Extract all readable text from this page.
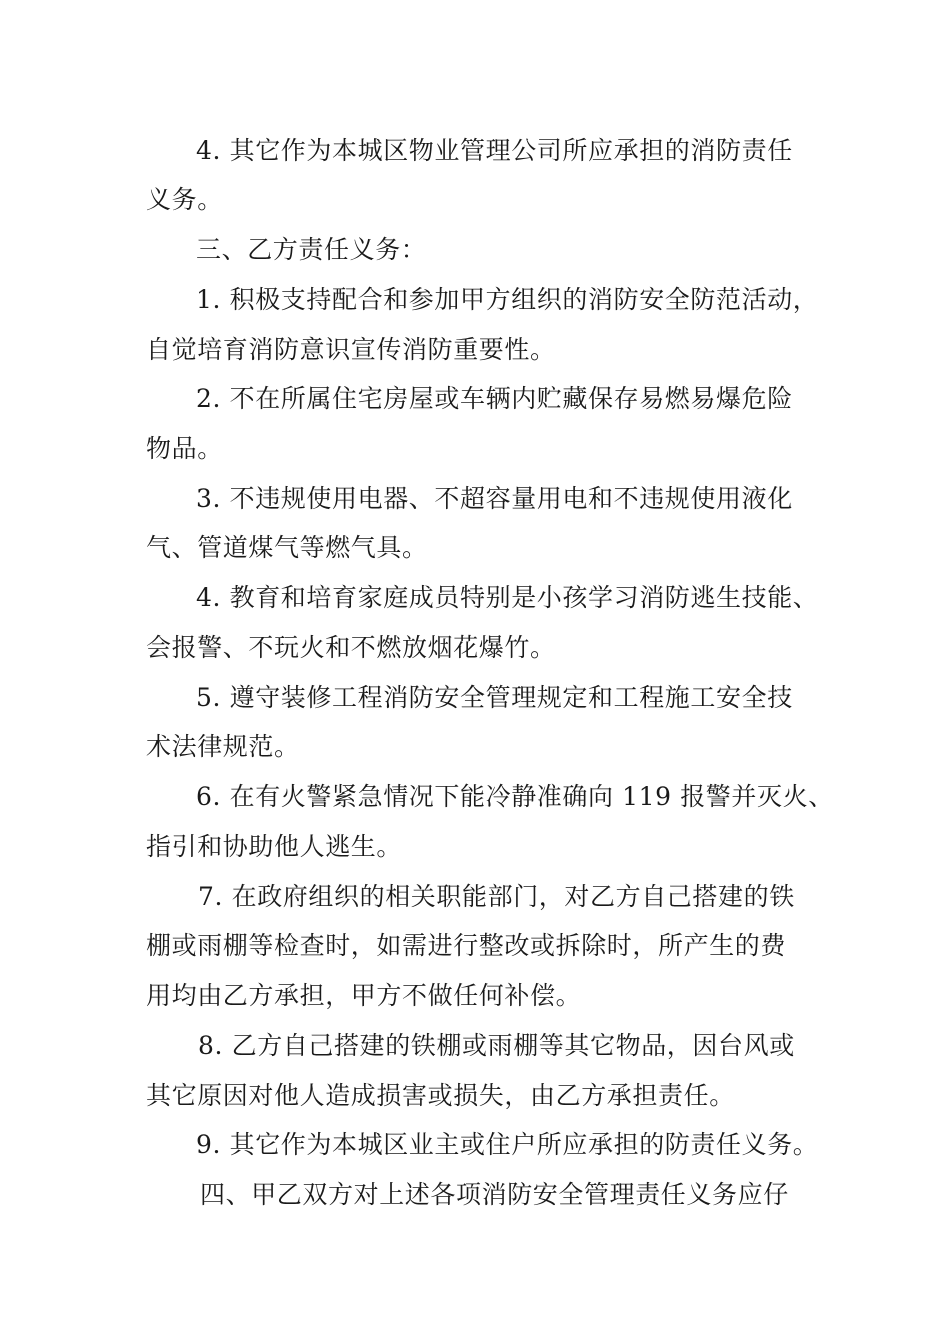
4. 其它作为本城区物业管理公司所应承担的消防责任
义务。
三、乙方责任义务：
1. 积极支持配合和参加甲方组织的消防安全防范活动，
自觉培育消防意识宣传消防重要性。
2. 不在所属住宅房屋或车辆内贮藏保存易燃易爆危险
物品。
3. 不违规使用电器、不超容量用电和不违规使用液化
气、管道煤气等燃气具。
4. 教育和培育家庭成员特别是小孩学习消防逃生技能、
会报警、不玩火和不燃放烟花爆竹。
5. 遵守装修工程消防安全管理规定和工程施工安全技
术法律规范。
6. 在有火警紧急情况下能冷静准确向 119 报警并灭火、
指引和协助他人逃生。
7. 在政府组织的相关职能部门，对乙方自己搭建的铁
棚或雨棚等检查时，如需进行整改或拆除时，所产生的费
用均由乙方承担，甲方不做任何补偿。
8. 乙方自己搭建的铁棚或雨棚等其它物品，因台风或
其它原因对他人造成损害或损失，由乙方承担责任。
9. 其它作为本城区业主或住户所应承担的防责任义务。
四、甲乙双方对上述各项消防安全管理责任义务应仔
